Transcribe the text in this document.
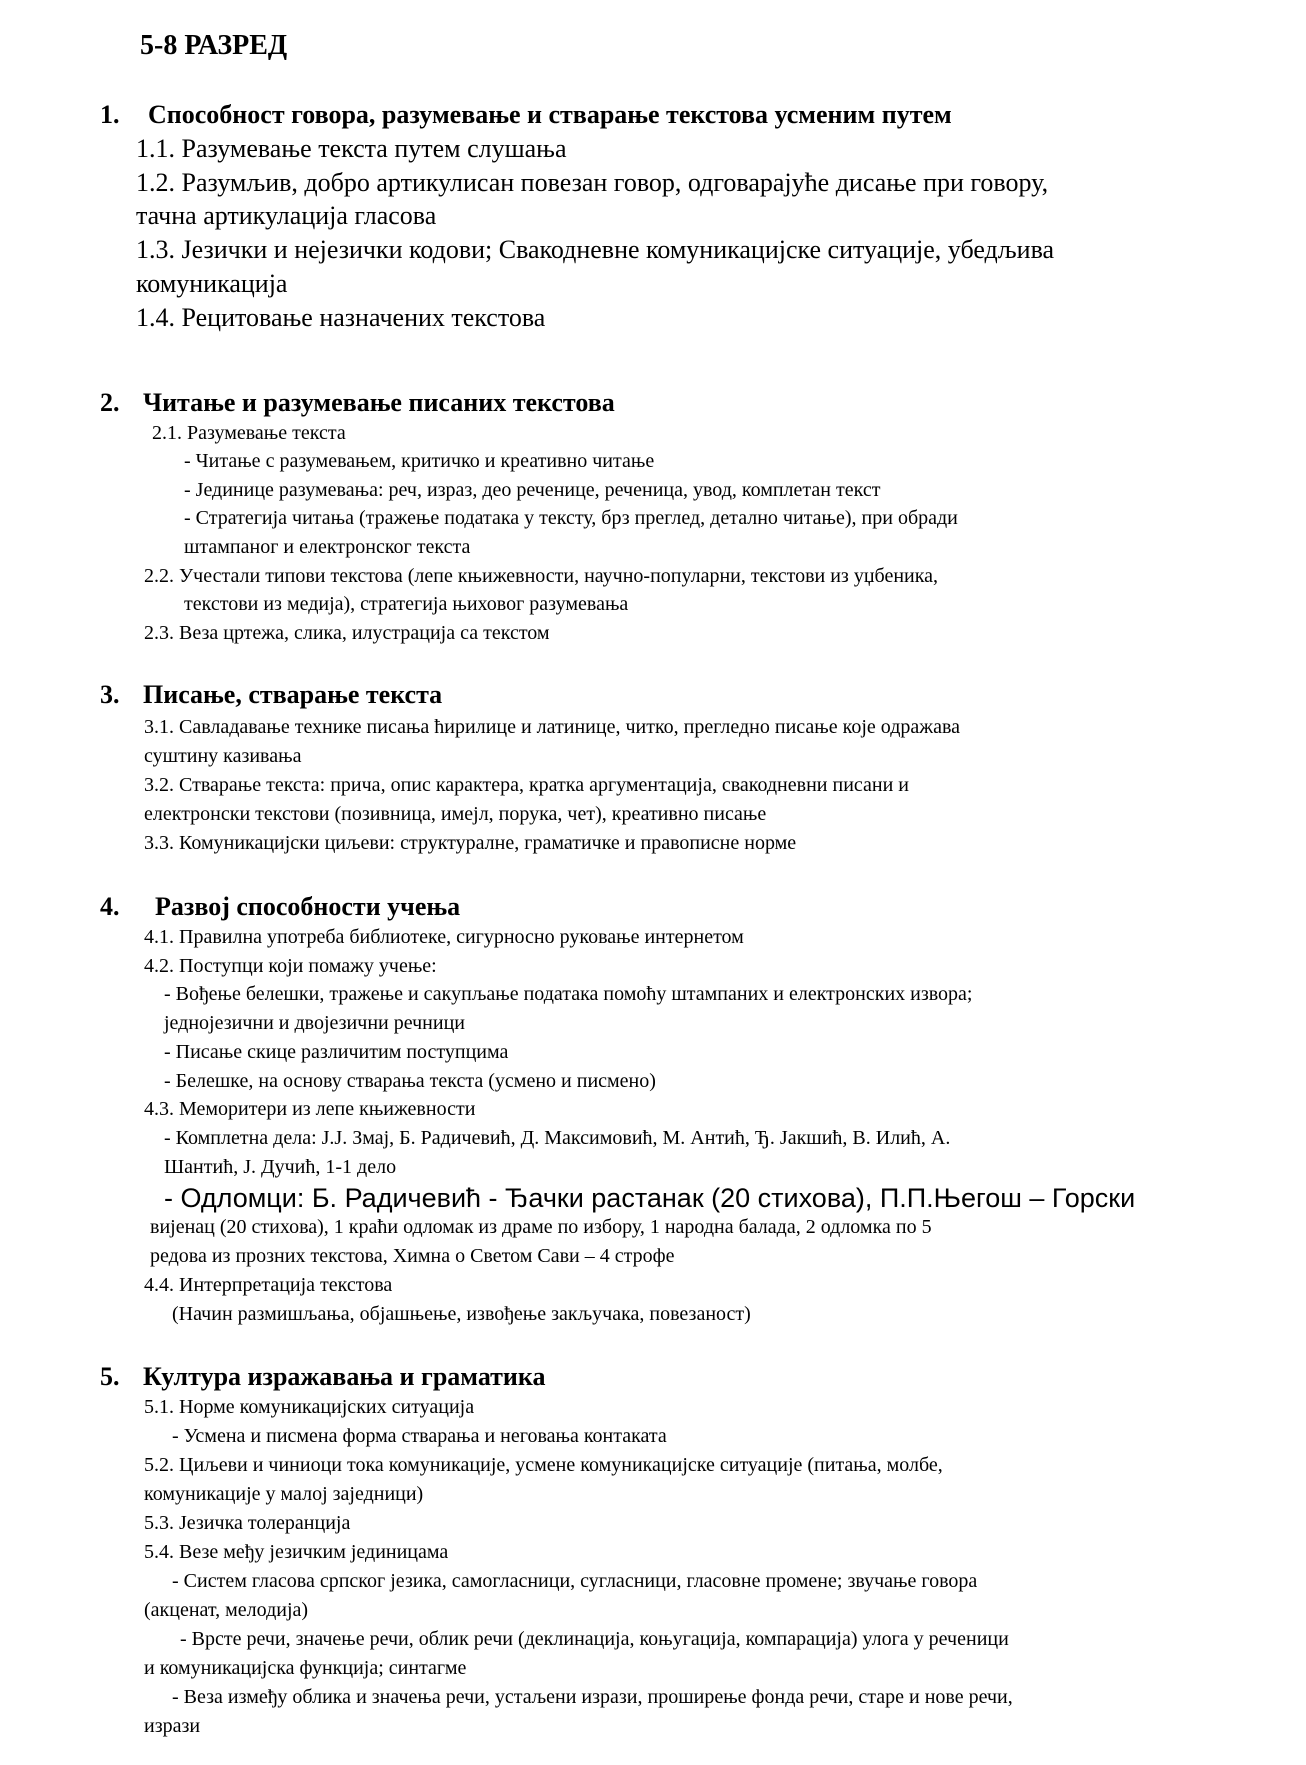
5-8 РАЗРЕД
1. Способност говора, разумевање и стварање текстова усменим путем
1.1. Разумевање текста путем слушања
1.2. Разумљив, добро артикулисан повезан говор, одговарајуће дисање при говору,
тачна артикулација гласова
1.3. Језички и нејезички кодови; Свакодневне комуникацијске ситуације, убедљива
комуникација
1.4. Рецитовање назначених текстова
2. Читање и разумевање писаних текстова
2.1. Разумевање текста
- Читање с разумевањем, критичко и креативно читање
- Јединице разумевања: реч, израз, део реченице, реченица, увод, комплетан текст
- Стратегија читања (тражење података у тексту, брз преглед, детално читање), при обради
штампаног и електронског текста
2.2. Учестали типови текстова (лепе књижевности, научно-популарни, текстови из уџбеника,
текстови из медија), стратегија њиховог разумевања
2.3. Веза цртежа, слика, илустрација са текстом
3. Писање, стварање текста
3.1. Савладавање технике писања ћирилице и латинице, читко, прегледно писање које одражава
суштину казивања
3.2. Стварање текста: прича, опис карактера, кратка аргументација, свакодневни писани и
електронски текстови (позивница, имејл, порука, чет), креативно писање
3.3. Комуникацијски циљеви: структуралне, граматичке и правописне норме
4. Развој способности учења
4.1. Правилна употреба библиотеке, сигурносно руковање интернетом
4.2. Поступци који помажу учење:
- Вођење белешки, тражење и сакупљање података помоћу штампаних и електронских извора;
једнојезични и двојезични речници
- Писање скице различитим поступцима
- Белешке, на основу стварања текста (усмено и писмено)
4.3. Меморитери из лепе књижевности
- Комплетна дела: Ј.Ј. Змај, Б. Радичевић, Д. Максимовић, М. Антић, Ђ. Јакшић, В. Илић, А.
Шантић, Ј. Дучић, 1-1 дело
- Одломци: Б. Радичевић - Ђачки растанак (20 стихова), П.П.Његош – Горски
вијенац (20 стихова), 1 краћи одломак из драме по избору, 1 народна балада, 2 одломка по 5
редова из прозних текстова, Химна о Светом Сави – 4 строфе
4.4. Интерпретација текстова
(Начин размишљања, објашњење, извођење закључака, повезаност)
5. Култура изражавања и граматика
5.1. Норме комуникацијских ситуација
- Усмена и писмена форма стварања и неговања контаката
5.2. Циљеви и чиниоци тока комуникације, усмене комуникацијске ситуације (питања, молбе,
комуникације у малој заједници)
5.3. Језичка толеранција
5.4. Везе међу језичким јединицама
- Систем гласова српског језика, самогласници, сугласници, гласовне промене; звучање говора
(акценат, мелодија)
- Врсте речи, значење речи, облик речи (деклинација, коњугација, компарација) улога у реченици
и комуникацијска функција; синтагме
- Веза између облика и значења речи, устаљени изрази, проширење фонда речи, старе и нове речи,
изрази
